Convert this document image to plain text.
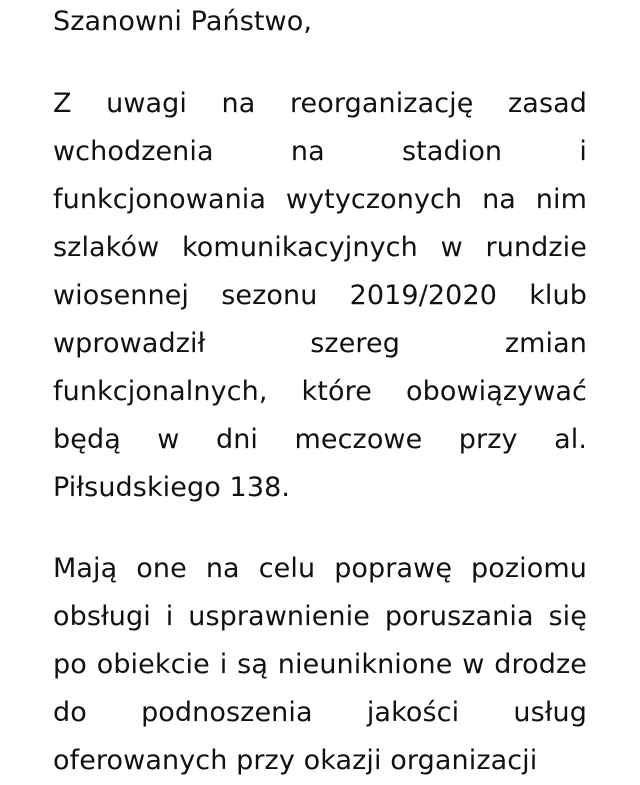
Szanowni Państwo,

Z uwagi na reorganizację zasad wchodzenia na stadion i funkcjonowania wytyczonych na nim szlaków komunikacyjnych w rundzie wiosennej sezonu 2019/2020 klub wprowadził szereg zmian funkcjonalnych, które obowiązywać będą w dni meczowe przy al. Piłsudskiego 138.

Mają one na celu poprawę poziomu obsługi i usprawnienie poruszania się po obiekcie i są nieuniknione w drodze do podnoszenia jakości usług oferowanych przy okazji organizacji
